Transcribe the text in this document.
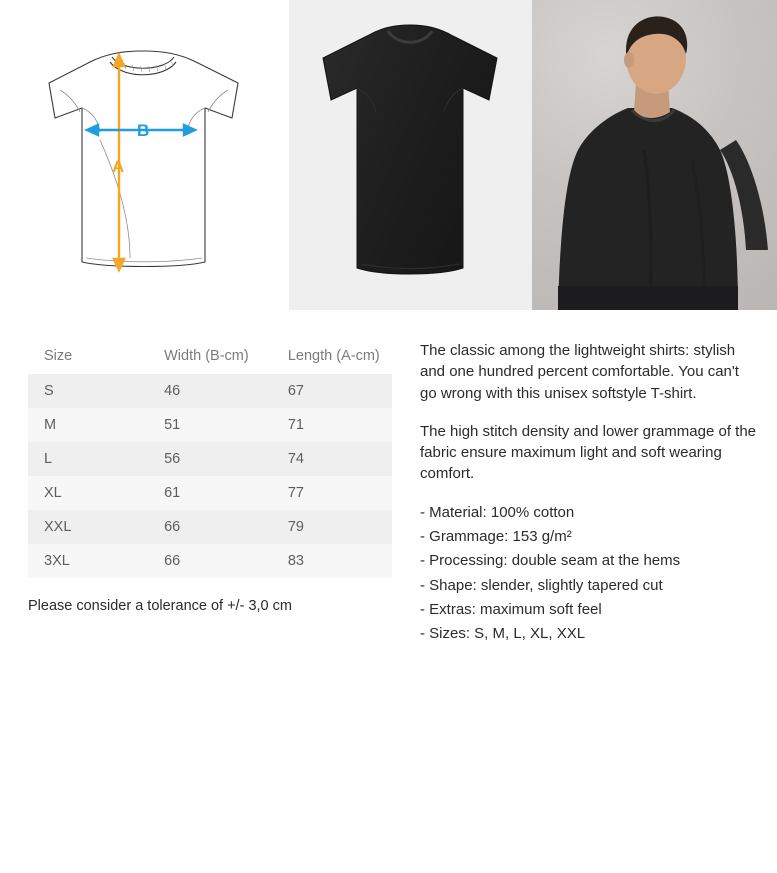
A
B
Size	Width (B-cm)	Length (A-cm)
S	46	67
M	51	71
L	56	74
XL	61	77
XXL	66	79
3XL	66	83
Please consider a tolerance of +/- 3,0 cm

The classic among the lightweight shirts: stylish and one hundred percent comfortable. You can't go wrong with this unisex softstyle T-shirt.

The high stitch density and lower grammage of the fabric ensure maximum light and soft wearing comfort.

- Material: 100% cotton
- Grammage: 153 g/m²
- Processing: double seam at the hems
- Shape: slender, slightly tapered cut
- Extras: maximum soft feel
- Sizes: S, M, L, XL, XXL
